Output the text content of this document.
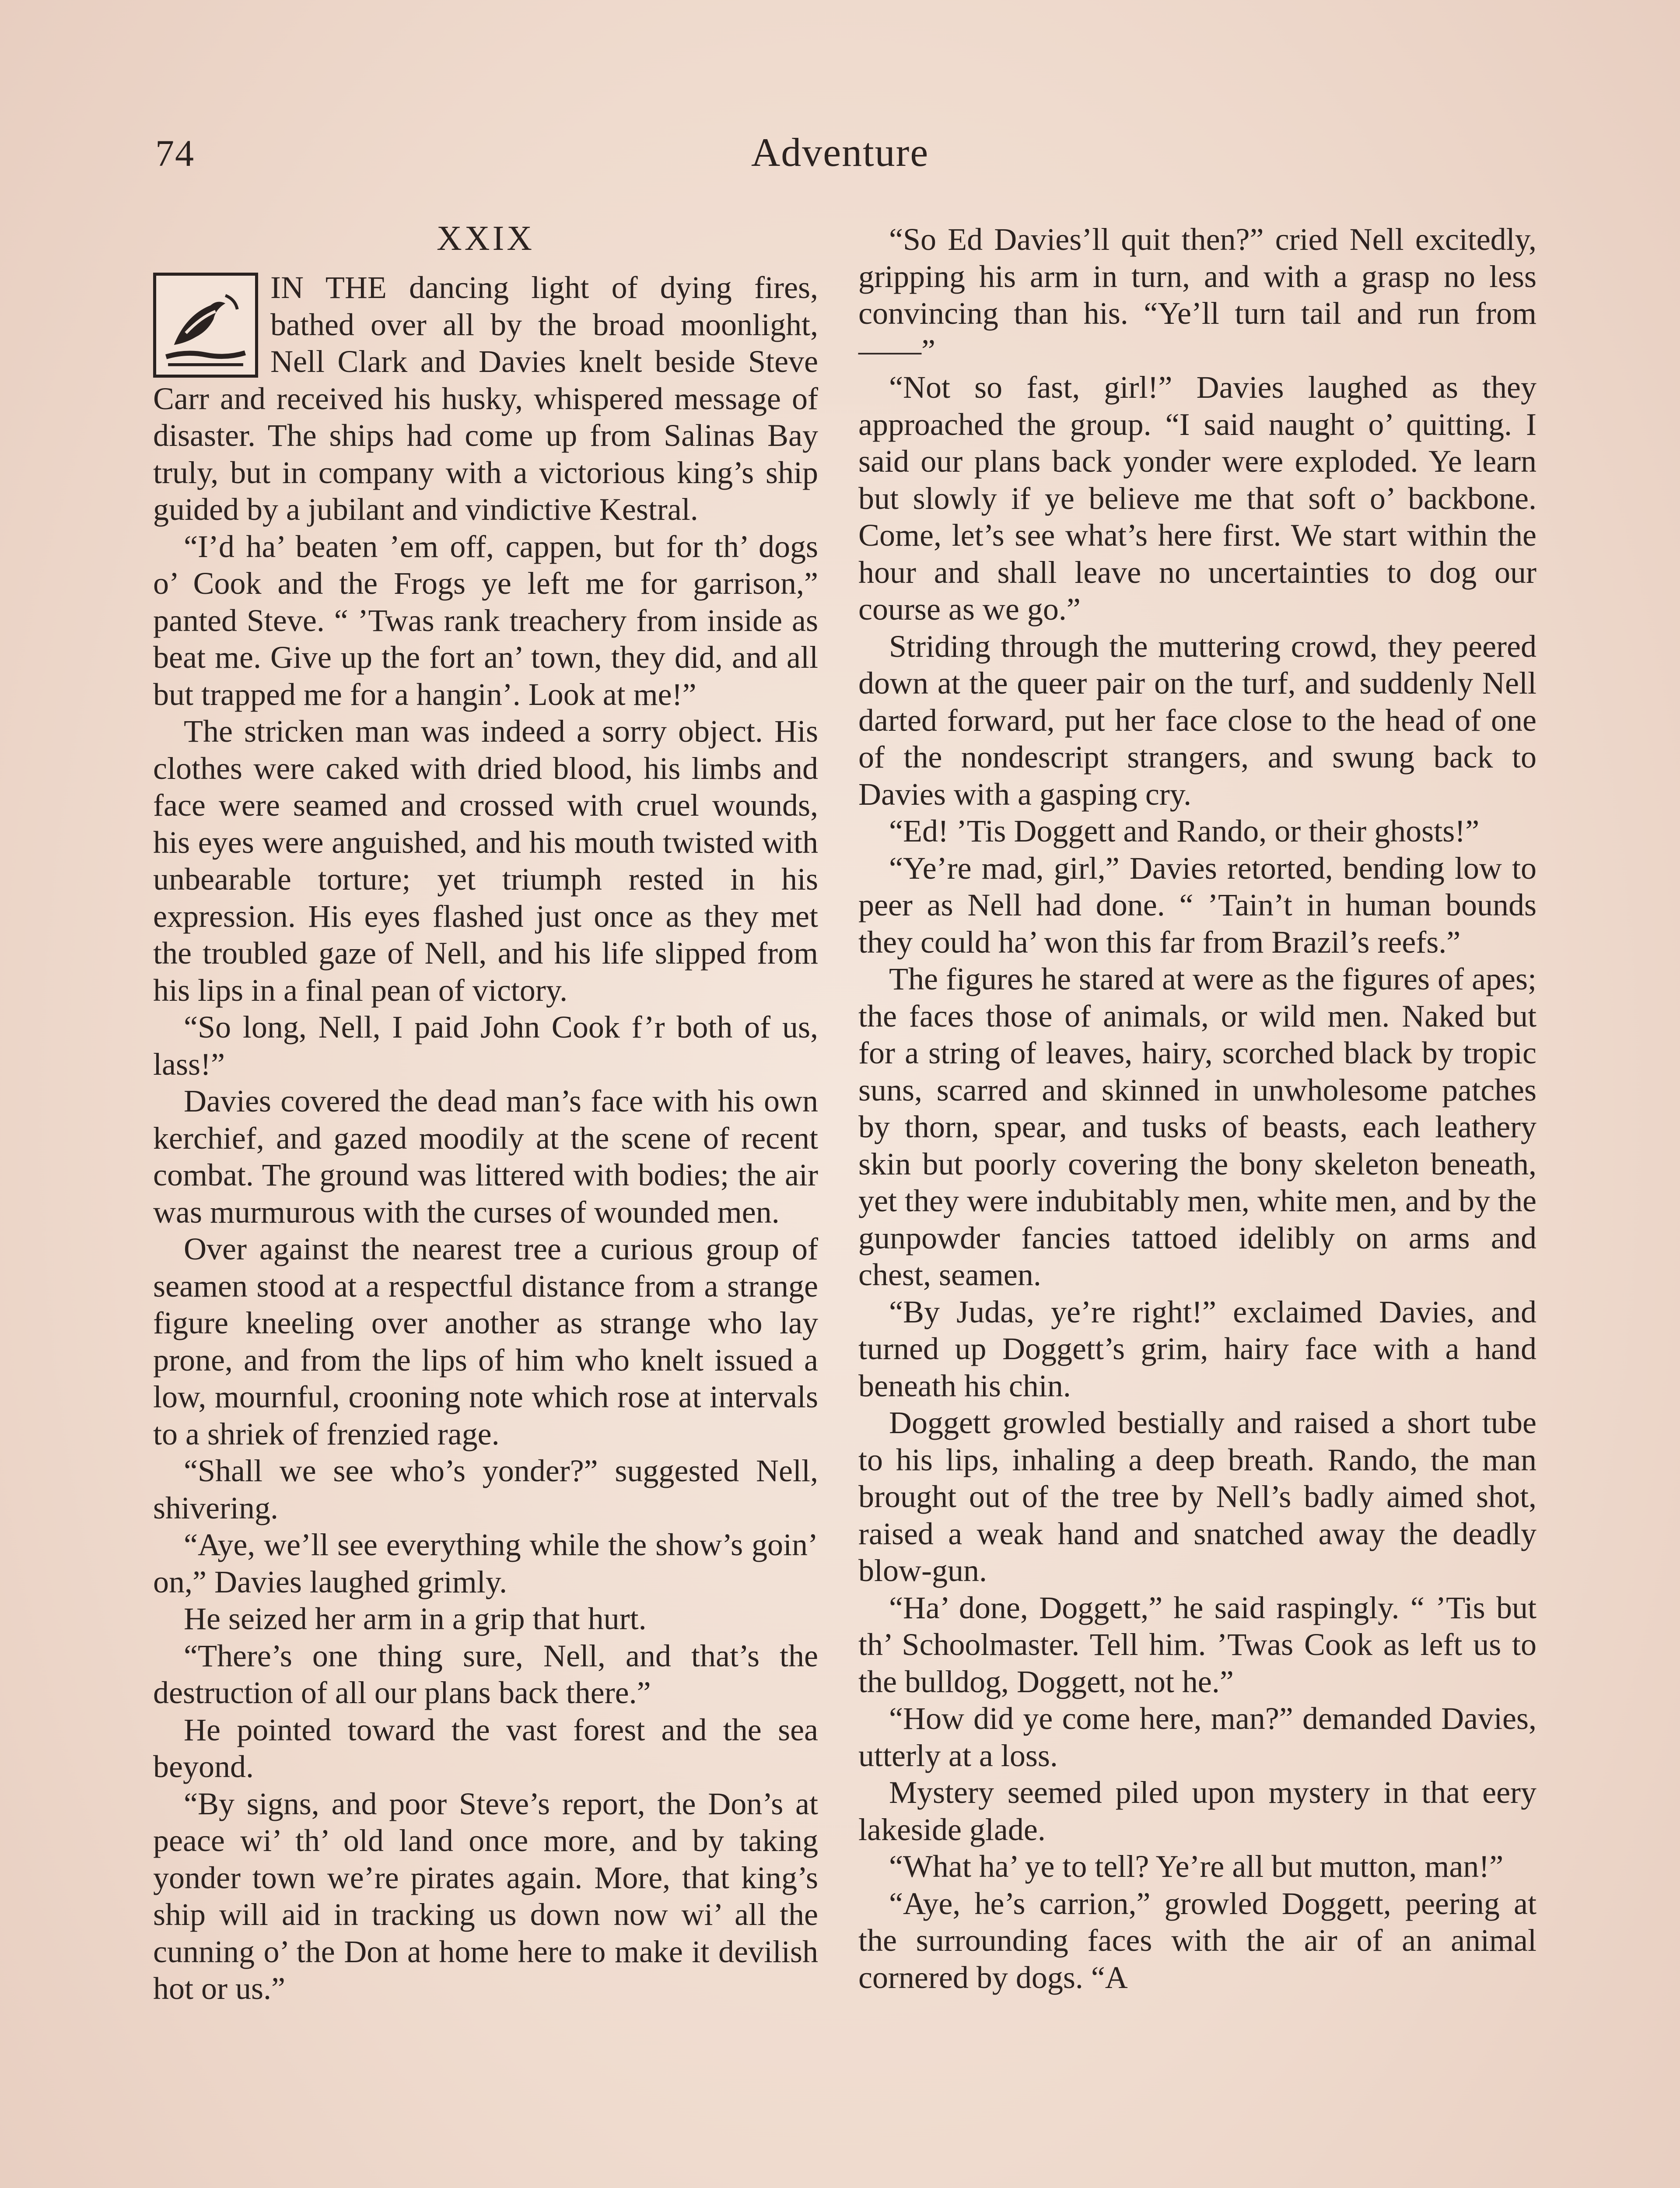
74	Adventure
XXIX

IN THE dancing light of dying fires, bathed over all by the broad moonlight, Nell Clark and Davies knelt beside Steve Carr and received his husky, whispered message of disaster. The ships had come up from Salinas Bay truly, but in company with a victorious king’s ship guided by a jubilant and vindictive Kestral.

“I’d ha’ beaten ’em off, cappen, but for th’ dogs o’ Cook and the Frogs ye left me for garrison,” panted Steve. “ ’Twas rank treachery from inside as beat me. Give up the fort an’ town, they did, and all but trapped me for a hangin’. Look at me!”

The stricken man was indeed a sorry object. His clothes were caked with dried blood, his limbs and face were seamed and crossed with cruel wounds, his eyes were anguished, and his mouth twisted with unbearable torture; yet triumph rested in his expression. His eyes flashed just once as they met the troubled gaze of Nell, and his life slipped from his lips in a final pean of victory.

“So long, Nell, I paid John Cook f’r both of us, lass!”

Davies covered the dead man’s face with his own kerchief, and gazed moodily at the scene of recent combat. The ground was littered with bodies; the air was murmurous with the curses of wounded men.

Over against the nearest tree a curious group of seamen stood at a respectful distance from a strange figure kneeling over another as strange who lay prone, and from the lips of him who knelt issued a low, mournful, crooning note which rose at intervals to a shriek of frenzied rage.

“Shall we see who’s yonder?” suggested Nell, shivering.

“Aye, we’ll see everything while the show’s goin’ on,” Davies laughed grimly.

He seized her arm in a grip that hurt.

“There’s one thing sure, Nell, and that’s the destruction of all our plans back there.”

He pointed toward the vast forest and the sea beyond.

“By signs, and poor Steve’s report, the Don’s at peace wi’ th’ old land once more, and by taking yonder town we’re pirates again. More, that king’s ship will aid in tracking us down now wi’ all the cunning o’ the Don at home here to make it devilish hot or us.”

“So Ed Davies’ll quit then?” cried Nell excitedly, gripping his arm in turn, and with a grasp no less convincing than his. “Ye’ll turn tail and run from——”

“Not so fast, girl!” Davies laughed as they approached the group. “I said naught o’ quitting. I said our plans back yonder were exploded. Ye learn but slowly if ye believe me that soft o’ backbone. Come, let’s see what’s here first. We start within the hour and shall leave no uncertainties to dog our course as we go.”

Striding through the muttering crowd, they peered down at the queer pair on the turf, and suddenly Nell darted forward, put her face close to the head of one of the nondescript strangers, and swung back to Davies with a gasping cry.

“Ed! ’Tis Doggett and Rando, or their ghosts!”

“Ye’re mad, girl,” Davies retorted, bending low to peer as Nell had done. “ ’Tain’t in human bounds they could ha’ won this far from Brazil’s reefs.”

The figures he stared at were as the figures of apes; the faces those of animals, or wild men. Naked but for a string of leaves, hairy, scorched black by tropic suns, scarred and skinned in unwholesome patches by thorn, spear, and tusks of beasts, each leathery skin but poorly covering the bony skeleton beneath, yet they were indubitably men, white men, and by the gunpowder fancies tattoed idelibly on arms and chest, seamen.

“By Judas, ye’re right!” exclaimed Davies, and turned up Doggett’s grim, hairy face with a hand beneath his chin.

Doggett growled bestially and raised a short tube to his lips, inhaling a deep breath. Rando, the man brought out of the tree by Nell’s badly aimed shot, raised a weak hand and snatched away the deadly blow-gun.

“Ha’ done, Doggett,” he said raspingly. “ ’Tis but th’ Schoolmaster. Tell him. ’Twas Cook as left us to the bulldog, Doggett, not he.”

“How did ye come here, man?” demanded Davies, utterly at a loss.

Mystery seemed piled upon mystery in that eery lakeside glade.

“What ha’ ye to tell? Ye’re all but mutton, man!”

“Aye, he’s carrion,” growled Doggett, peering at the surrounding faces with the air of an animal cornered by dogs. “A
